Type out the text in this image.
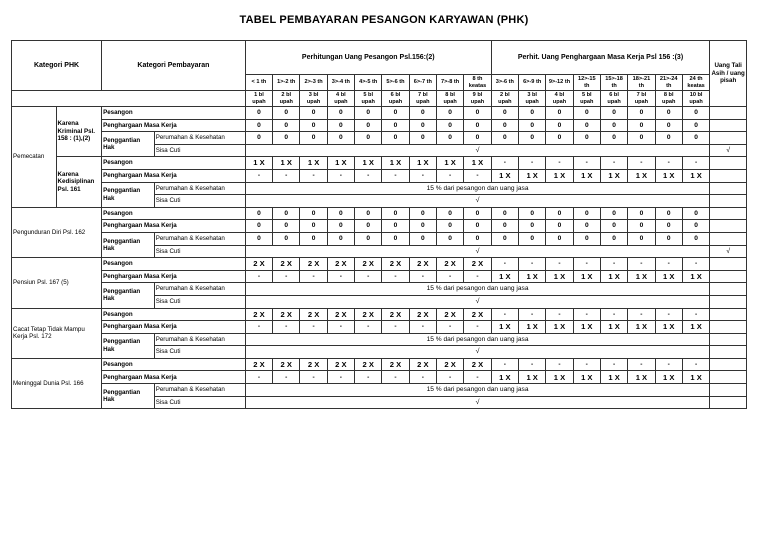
TABEL PEMBAYARAN PESANGON KARYAWAN (PHK)
Kategori PHK		Kategori Pembayaran		Perhitungan Uang Pesangon Psl.156:(2)									Perhit. Uang Penghargaan Masa Kerja Psl 156 :(3)								Uang Tali Asih / uang pisah
				< 1 th	1>-2 th	2>-3 th	3>-4 th	4>-5 th	5>-6 th	6>-7 th	7>-8 th	8 th keatas	3>-6 th	6>-9 th	9>-12 th	12>-15 th	15>-18 th	18>-21 th	21>-24 th	24 th keatas	
				1 bl upah	2 bl upah	3 bl upah	4 bl upah	5 bl upah	6 bl upah	7 bl upah	8 bl upah	9 bl upah	2 bl upah	3 bl upah	4 bl upah	5 bl upah	6 bl upah	7 bl upah	8 bl upah	10 bl upah	
Pemecatan	Karena Kriminal Psl. 158 : (1),(2)	Pesangon		0	0	0	0	0	0	0	0	0	0	0	0	0	0	0	0	0	
		Penghargaan Masa Kerja		0	0	0	0	0	0	0	0	0	0	0	0	0	0	0	0	0	
		Penggantian Hak	Perumahan & Kesehatan	0	0	0	0	0	0	0	0	0	0	0	0	0	0	0	0	0	
			Sisa Cuti	√																	√
	Karena Kedisiplinan Psl. 161	Pesangon		1 X	1 X	1 X	1 X	1 X	1 X	1 X	1 X	1 X	-	-	-	-	-	-	-	-	
		Penghargaan Masa Kerja		-	-	-	-	-	-	-	-	-	1 X	1 X	1 X	1 X	1 X	1 X	1 X	1 X	
		Penggantian Hak	Perumahan & Kesehatan	15 % dari pesangon dan uang jasa																	
			Sisa Cuti	√																	
Pengunduran Diri Psl. 162		Pesangon		0	0	0	0	0	0	0	0	0	0	0	0	0	0	0	0	0	
		Penghargaan Masa Kerja		0	0	0	0	0	0	0	0	0	0	0	0	0	0	0	0	0	
		Penggantian Hak	Perumahan & Kesehatan	0	0	0	0	0	0	0	0	0	0	0	0	0	0	0	0	0	
			Sisa Cuti	√																	√
Pensiun Psl. 167 (5)		Pesangon		2 X	2 X	2 X	2 X	2 X	2 X	2 X	2 X	2 X	-	-	-	-	-	-	-	-	
		Penghargaan Masa Kerja		-	-	-	-	-	-	-	-	-	1 X	1 X	1 X	1 X	1 X	1 X	1 X	1 X	
		Penggantian Hak	Perumahan & Kesehatan	15 % dari pesangon dan uang jasa																	
			Sisa Cuti	√																	
Cacat Tetap Tidak Mampu Kerja Psl. 172		Pesangon		2 X	2 X	2 X	2 X	2 X	2 X	2 X	2 X	2 X	-	-	-	-	-	-	-	-	
		Penghargaan Masa Kerja		-	-	-	-	-	-	-	-	-	1 X	1 X	1 X	1 X	1 X	1 X	1 X	1 X	
		Penggantian Hak	Perumahan & Kesehatan	15 % dari pesangon dan uang jasa																	
			Sisa Cuti	√																	
Meninggal Dunia Psl. 166		Pesangon		2 X	2 X	2 X	2 X	2 X	2 X	2 X	2 X	2 X	-	-	-	-	-	-	-	-	
		Penghargaan Masa Kerja		-	-	-	-	-	-	-	-	-	1 X	1 X	1 X	1 X	1 X	1 X	1 X	1 X	
		Penggantian Hak	Perumahan & Kesehatan	15 % dari pesangon dan uang jasa																	
			Sisa Cuti	√																	
